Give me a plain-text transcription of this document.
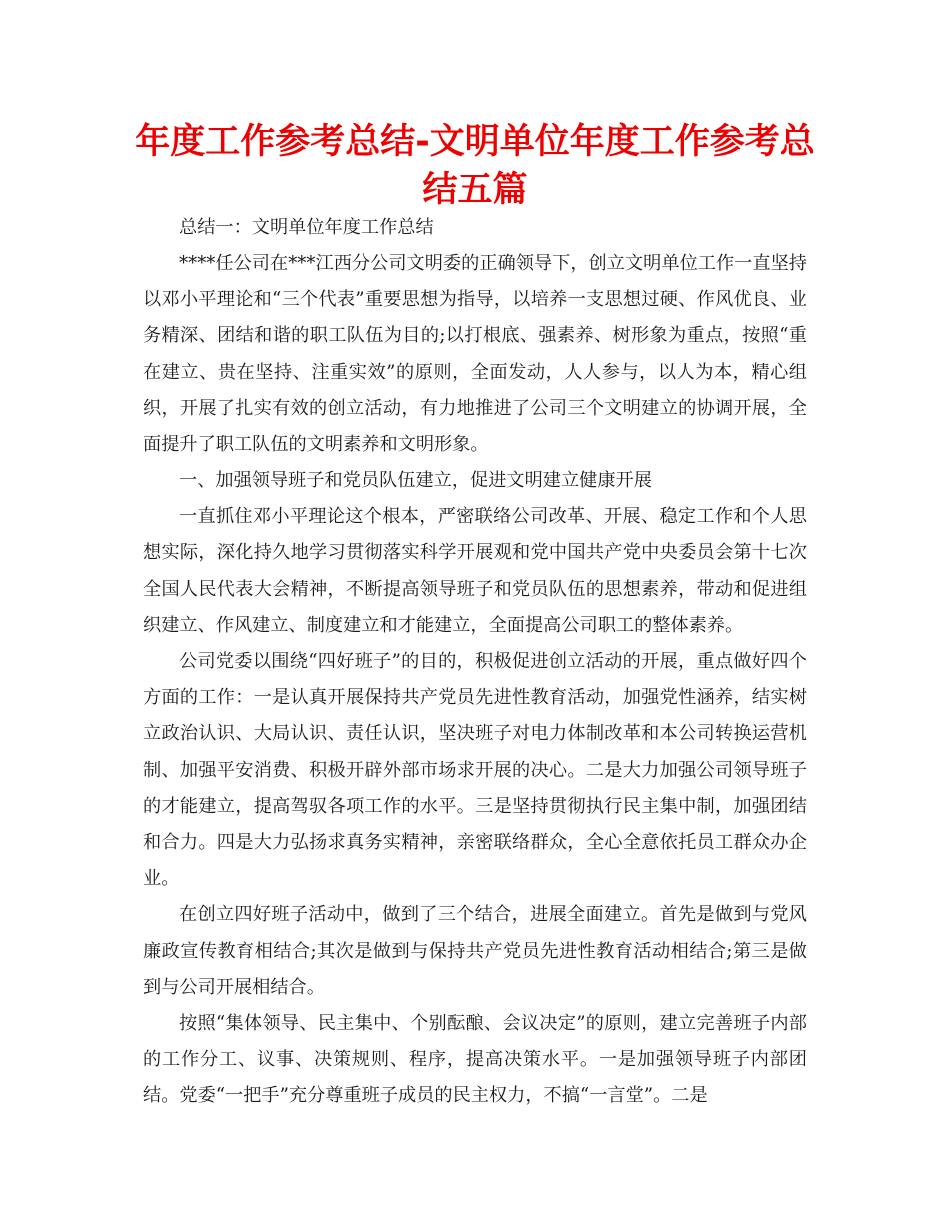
年度工作参考总结-文明单位年度工作参考总结五篇

总结一：文明单位年度工作总结

****任公司在***江西分公司文明委的正确领导下，创立文明单位工作一直坚持以邓小平理论和“三个代表”重要思想为指导，以培养一支思想过硬、作风优良、业务精深、团结和谐的职工队伍为目的;以打根底、强素养、树形象为重点，按照“重在建立、贵在坚持、注重实效”的原则，全面发动，人人参与，以人为本，精心组织，开展了扎实有效的创立活动，有力地推进了公司三个文明建立的协调开展，全面提升了职工队伍的文明素养和文明形象。

一、加强领导班子和党员队伍建立，促进文明建立健康开展

一直抓住邓小平理论这个根本，严密联络公司改革、开展、稳定工作和个人思想实际，深化持久地学习贯彻落实科学开展观和党中国共产党中央委员会第十七次全国人民代表大会精神，不断提高领导班子和党员队伍的思想素养，带动和促进组织建立、作风建立、制度建立和才能建立，全面提高公司职工的整体素养。

公司党委以围绕“四好班子”的目的，积极促进创立活动的开展，重点做好四个方面的工作：一是认真开展保持共产党员先进性教育活动，加强党性涵养，结实树立政治认识、大局认识、责任认识，坚决班子对电力体制改革和本公司转换运营机制、加强平安消费、积极开辟外部市场求开展的决心。二是大力加强公司领导班子的才能建立，提高驾驭各项工作的水平。三是坚持贯彻执行民主集中制，加强团结和合力。四是大力弘扬求真务实精神，亲密联络群众，全心全意依托员工群众办企业。

在创立四好班子活动中，做到了三个结合，进展全面建立。首先是做到与党风廉政宣传教育相结合;其次是做到与保持共产党员先进性教育活动相结合;第三是做到与公司开展相结合。

按照“集体领导、民主集中、个别酝酿、会议决定”的原则，建立完善班子内部的工作分工、议事、决策规则、程序，提高决策水平。一是加强领导班子内部团结。党委“一把手”充分尊重班子成员的民主权力，不搞“一言堂”。二是
